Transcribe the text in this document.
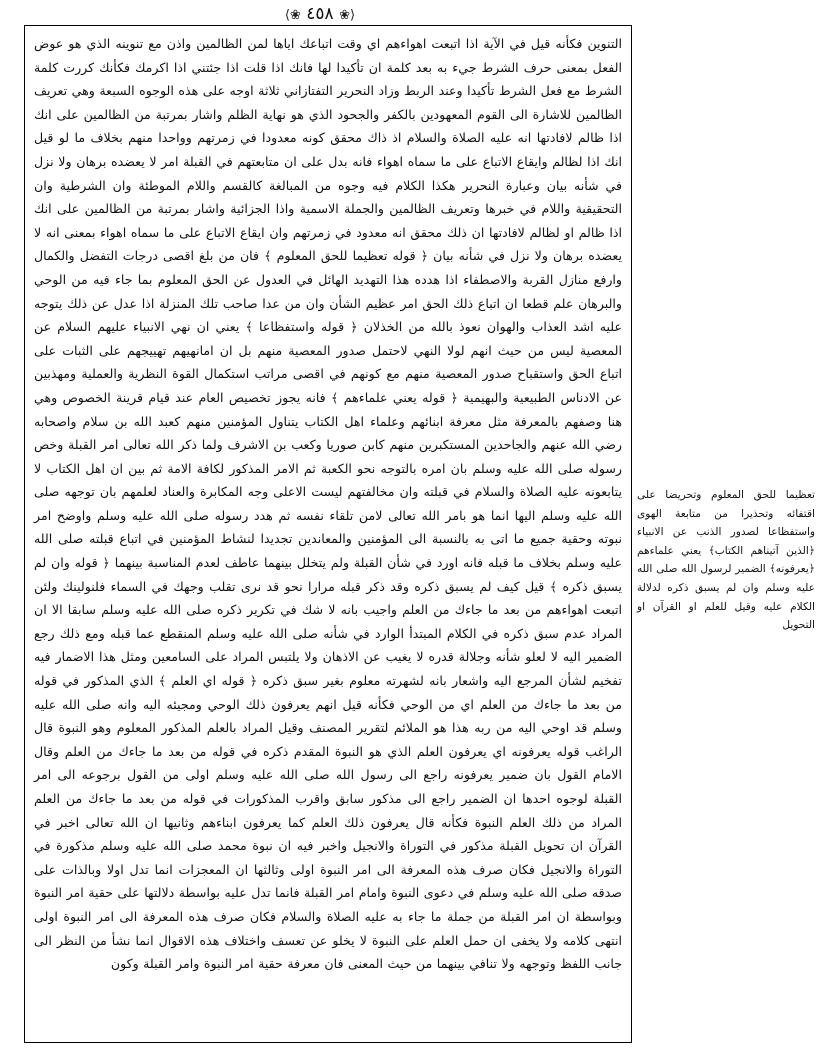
⟨❀ ٤٥٨ ❀⟩

التنوين فكأنه قيل في الآية اذا اتبعت اهواءهم اي وقت اتباعك اياها لمن الظالمين واذن مع تنوينه الذي هو عوض الفعل بمعنى حرف الشرط جيء به بعد كلمة ان تأكيدا لها فانك اذا قلت اذا جئتني اذا اكرمك فكأنك كررت كلمة الشرط مع فعل الشرط تأكيدا وعند الربط وزاد النحرير التفتازاني ثلاثة اوجه على هذه الوجوه السبعة وهي تعريف الظالمين للاشارة الى القوم المعهودين بالكفر والجحود الذي هو نهاية الظلم واشار بمرتبة من الظالمين على انك اذا ظالم لافادتها انه عليه الصلاة والسلام اذ ذاك محقق كونه معدودا في زمرتهم وواحدا منهم بخلاف ما لو قيل انك اذا لظالم وايقاع الاتباع على ما سماه اهواء فانه بدل على ان متابعتهم في القبلة امر لا يعضده برهان ولا نزل في شأنه بيان وعبارة النحرير هكذا الكلام فيه وجوه من المبالغة كالقسم واللام الموطئة وان الشرطية وان التحقيقية واللام في خبرها وتعريف الظالمين والجملة الاسمية واذا الجزائية واشار بمرتبة من الظالمين على انك اذا ظالم او لظالم لافادتها ان ذلك محقق انه معدود في زمرتهم وان ايقاع الاتباع على ما سماه اهواء بمعنى انه لا يعضده برهان ولا نزل في شأنه بيان ﴿ قوله تعظيما للحق المعلوم ﴾ فان من بلغ اقصى درجات التفضل والكمال وارفع منازل القربة والاصطفاء اذا هدده هذا التهديد الهائل في العدول عن الحق المعلوم بما جاء فيه من الوحي والبرهان علم قطعا ان اتباع ذلك الحق امر عظيم الشأن وان من عدا صاحب تلك المنزلة اذا عدل عن ذلك يتوجه عليه اشد العذاب والهوان نعوذ بالله من الخذلان ﴿ قوله واستفظاعا ﴾ يعني ان نهي الانبياء عليهم السلام عن المعصية ليس من حيث انهم لولا النهي لاحتمل صدور المعصية منهم بل ان امانهيهم تهييجهم على الثبات على اتباع الحق واستقباح صدور المعصية منهم مع كونهم في اقصى مراتب استكمال القوة النظرية والعملية ومهذبين عن الادناس الطبيعية والبهيمية ﴿ قوله يعني علماءهم ﴾ فانه يجوز تخصيص العام عند قيام قرينة الخصوص وهي هنا وصفهم بالمعرفة مثل معرفة ابنائهم وعلماء اهل الكتاب يتناول المؤمنين منهم كعبد الله بن سلام واصحابه رضي الله عنهم والجاحدين المستكبرين منهم كابن صوريا وكعب بن الاشرف ولما ذكر الله تعالى امر القبلة وخص رسوله صلى الله عليه وسلم بان امره بالتوجه نحو الكعبة ثم الامر المذكور لكافة الامة ثم بين ان اهل الكتاب لا يتابعونه عليه الصلاة والسلام في قبلته وان مخالفتهم ليست الاعلى وجه المكابرة والعناد لعلمهم بان توجهه صلى الله عليه وسلم اليها انما هو بامر الله تعالى لامن تلقاء نفسه ثم هدد رسوله صلى الله عليه وسلم واوضح امر نبوته وحقية جميع ما اتى به بالنسبة الى المؤمنين والمعاندين تجديدا لنشاط المؤمنين في اتباع قبلته صلى الله عليه وسلم بخلاف ما قبله فانه اورد في شأن القبلة ولم يتخلل بينهما عاطف لعدم المناسبة بينهما ﴿ قوله وان لم يسبق ذكره ﴾ قيل كيف لم يسبق ذكره وقد ذكر قبله مرارا نحو قد نرى تقلب وجهك في السماء فلنولينك ولئن اتبعت اهواءهم من بعد ما جاءك من العلم واجيب بانه لا شك في تكرير ذكره صلى الله عليه وسلم سابقا الا ان المراد عدم سبق ذكره في الكلام المبتدأ الوارد في شأنه صلى الله عليه وسلم المنقطع عما قبله ومع ذلك رجع الضمير اليه لا لعلو شأنه وجلالة قدره لا يغيب عن الاذهان ولا يلتبس المراد على السامعين ومثل هذا الاضمار فيه تفخيم لشأن المرجع اليه واشعار بانه لشهرته معلوم بغير سبق ذكره ﴿ قوله اي العلم ﴾ الذي المذكور في قوله من بعد ما جاءك من العلم اي من الوحي فكأنه قيل انهم يعرفون ذلك الوحي ومجيئه اليه وانه صلى الله عليه وسلم قد اوحي اليه من ربه هذا هو الملائم لتقرير المصنف وقيل المراد بالعلم المذكور المعلوم وهو النبوة قال الراغب قوله يعرفونه اي يعرفون العلم الذي هو النبوة المقدم ذكره في قوله من بعد ما جاءك من العلم وقال الامام القول بان ضمير يعرفونه راجع الى رسول الله صلى الله عليه وسلم اولى من القول برجوعه الى امر القبلة لوجوه احدها ان الضمير راجع الى مذكور سابق واقرب المذكورات في قوله من بعد ما جاءك من العلم المراد من ذلك العلم النبوة فكأنه قال يعرفون ذلك العلم كما يعرفون ابناءهم وثانيها ان الله تعالى اخبر في القرآن ان تحويل القبلة مذكور في التوراة والانجيل واخبر فيه ان نبوة محمد صلى الله عليه وسلم مذكورة في التوراة والانجيل فكان صرف هذه المعرفة الى امر النبوة اولى وثالثها ان المعجزات انما تدل اولا وبالذات على صدقه صلى الله عليه وسلم في دعوى النبوة وامام امر القبلة فانما تدل عليه بواسطة دلالتها على حقية امر النبوة وبواسطة ان امر القبلة من جملة ما جاء به عليه الصلاة والسلام فكان صرف هذه المعرفة الى امر النبوة اولى انتهى كلامه ولا يخفى ان حمل العلم على النبوة لا يخلو عن تعسف واختلاف هذه الاقوال انما نشأ من النظر الى جانب اللفظ وتوجهه ولا تنافي بينهما من حيث المعنى فان معرفة حقية امر النبوة وامر القبلة وكون

تعظيما للحق المعلوم وتحريضا على اقتفائه وتحذيرا من متابعة الهوى واستفظاعا لصدور الذنب عن الانبياء ﴿الذين آتيناهم الكتاب﴾ يعني علماءهم ﴿يعرفونه﴾ الضمير لرسول الله صلى الله عليه وسلم وان لم يسبق ذكره لدلالة الكلام عليه وقيل للعلم او القرآن او التحويل
